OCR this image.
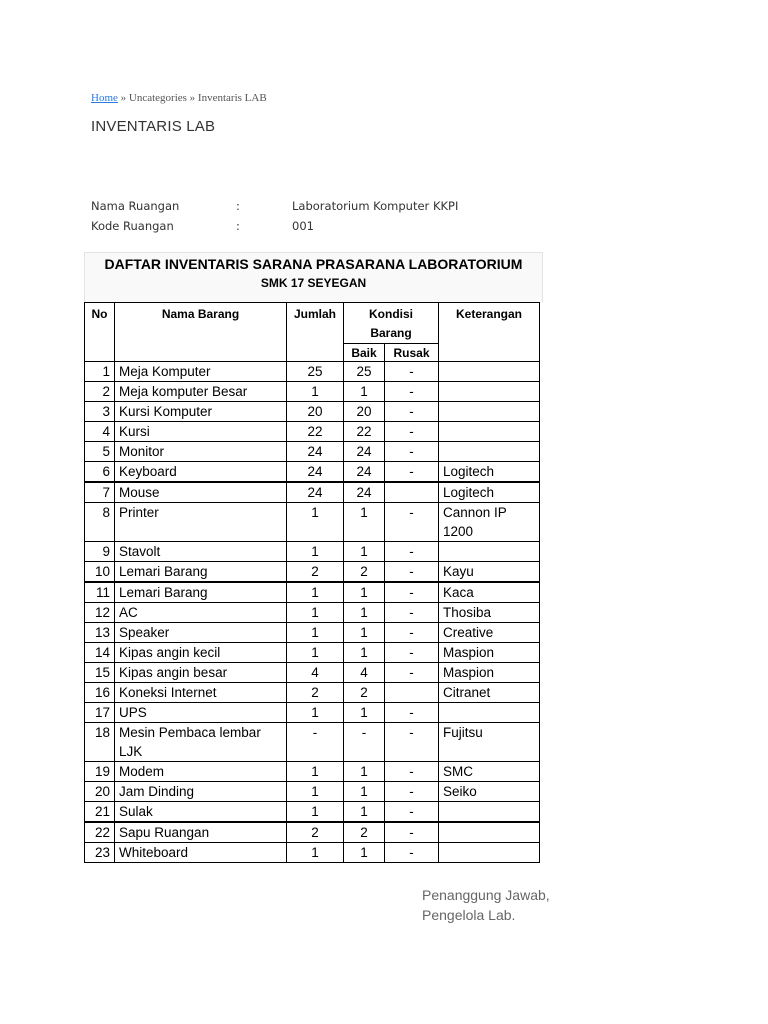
Home » Uncategories » Inventaris LAB
INVENTARIS LAB
Nama Ruangan	:	Laboratorium Komputer KKPI
Kode Ruangan	:	001
DAFTAR INVENTARIS SARANA PRASARANA LABORATORIUM
SMK 17 SEYEGAN
No	Nama Barang	Jumlah	Kondisi Barang		Keterangan
			Baik	Rusak	
1	Meja Komputer	25	25	-	
2	Meja komputer Besar	1	1	-	
3	Kursi Komputer	20	20	-	
4	Kursi	22	22	-	
5	Monitor	24	24	-	
6	Keyboard	24	24	-	Logitech
7	Mouse	24	24		Logitech
8	Printer	1	1	-	Cannon IP 1200
9	Stavolt	1	1	-	
10	Lemari Barang	2	2	-	Kayu
11	Lemari Barang	1	1	-	Kaca
12	AC	1	1	-	Thosiba
13	Speaker	1	1	-	Creative
14	Kipas angin kecil	1	1	-	Maspion
15	Kipas angin besar	4	4	-	Maspion
16	Koneksi Internet	2	2		Citranet
17	UPS	1	1	-	
18	Mesin Pembaca lembar LJK	-	-	-	Fujitsu
19	Modem	1	1	-	SMC
20	Jam Dinding	1	1	-	Seiko
21	Sulak	1	1	-	
22	Sapu Ruangan	2	2	-	
23	Whiteboard	1	1	-	
Penanggung Jawab,
Pengelola Lab.
